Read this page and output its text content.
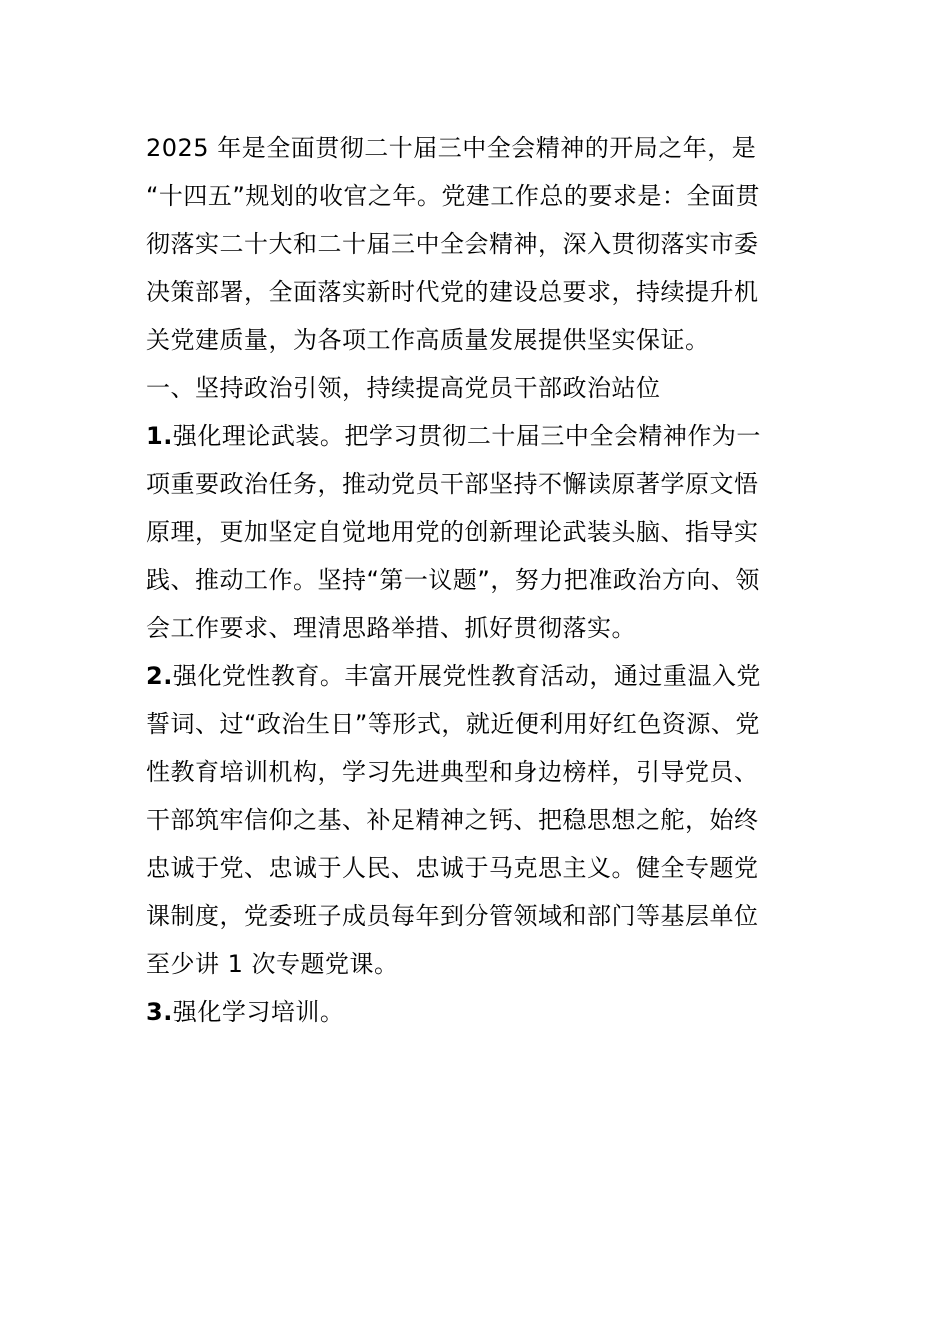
2025 年是全面贯彻二十届三中全会精神的开局之年，是
“十四五”规划的收官之年。党建工作总的要求是：全面贯
彻落实二十大和二十届三中全会精神，深入贯彻落实市委
决策部署，全面落实新时代党的建设总要求，持续提升机
关党建质量，为各项工作高质量发展提供坚实保证。
一、坚持政治引领，持续提高党员干部政治站位
1.强化理论武装。把学习贯彻二十届三中全会精神作为一
项重要政治任务，推动党员干部坚持不懈读原著学原文悟
原理，更加坚定自觉地用党的创新理论武装头脑、指导实
践、推动工作。坚持“第一议题”，努力把准政治方向、领
会工作要求、理清思路举措、抓好贯彻落实。
2.强化党性教育。丰富开展党性教育活动，通过重温入党
誓词、过“政治生日”等形式，就近便利用好红色资源、党
性教育培训机构，学习先进典型和身边榜样，引导党员、
干部筑牢信仰之基、补足精神之钙、把稳思想之舵，始终
忠诚于党、忠诚于人民、忠诚于马克思主义。健全专题党
课制度，党委班子成员每年到分管领域和部门等基层单位
至少讲 1 次专题党课。
3.强化学习培训。
